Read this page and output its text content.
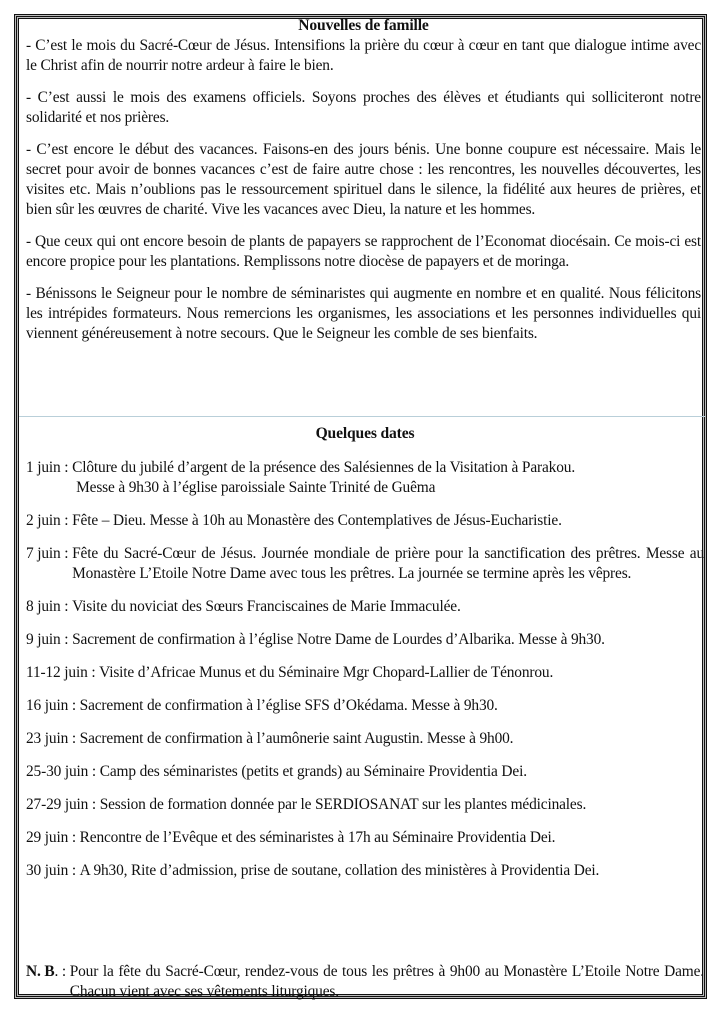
Nouvelles de famille

- C’est le mois du Sacré-Cœur de Jésus. Intensifions la prière du cœur à cœur en tant que dialogue intime avec le Christ afin de nourrir notre ardeur à faire le bien.

- C’est aussi le mois des examens officiels. Soyons proches des élèves et étudiants qui solliciteront notre solidarité et nos prières.

- C’est encore le début des vacances. Faisons-en des jours bénis. Une bonne coupure est nécessaire. Mais le secret pour avoir de bonnes vacances c’est de faire autre chose : les rencontres, les nouvelles découvertes, les visites etc. Mais n’oublions pas le ressourcement spirituel dans le silence, la fidélité aux heures de prières, et bien sûr les œuvres de charité. Vive les vacances avec Dieu, la nature et les hommes.

- Que ceux qui ont encore besoin de plants de papayers se rapprochent de l’Economat diocésain. Ce mois-ci est encore propice pour les plantations. Remplissons notre diocèse de papayers et de moringa.

- Bénissons le Seigneur pour le nombre de séminaristes qui augmente en nombre et en qualité. Nous félicitons les intrépides formateurs. Nous remercions les organismes, les associations et les personnes individuelles qui viennent généreusement à notre secours. Que le Seigneur les comble de ses bienfaits.

Quelques dates
1 juin : Clôture du jubilé d’argent de la présence des Salésiennes de la Visitation à Parakou.
Messe à 9h30 à l’église paroissiale Sainte Trinité de Guêma
2 juin : Fête – Dieu. Messe à 10h au Monastère des Contemplatives de Jésus-Eucharistie.
7 juin : Fête du Sacré-Cœur de Jésus. Journée mondiale de prière pour la sanctification des prêtres. Messe au Monastère L’Etoile Notre Dame avec tous les prêtres. La journée se termine après les vêpres.
8 juin : Visite du noviciat des Sœurs Franciscaines de Marie Immaculée.
9 juin : Sacrement de confirmation à l’église Notre Dame de Lourdes d’Albarika. Messe à 9h30.
11-12 juin : Visite d’Africae Munus et du Séminaire Mgr Chopard-Lallier de Ténonrou.
16 juin : Sacrement de confirmation à l’église SFS d’Okédama. Messe à 9h30.
23 juin : Sacrement de confirmation à l’aumônerie saint Augustin. Messe à 9h00.
25-30 juin : Camp des séminaristes (petits et grands) au Séminaire Providentia Dei.
27-29 juin : Session de formation donnée par le SERDIOSANAT sur les plantes médicinales.
29 juin : Rencontre de l’Evêque et des séminaristes à 17h au Séminaire Providentia Dei.
30 juin : A 9h30, Rite d’admission, prise de soutane, collation des ministères à Providentia Dei.
N. B . : Pour la fête du Sacré-Cœur, rendez-vous de tous les prêtres à 9h00 au Monastère L’Etoile Notre Dame. Chacun vient avec ses vêtements liturgiques.
